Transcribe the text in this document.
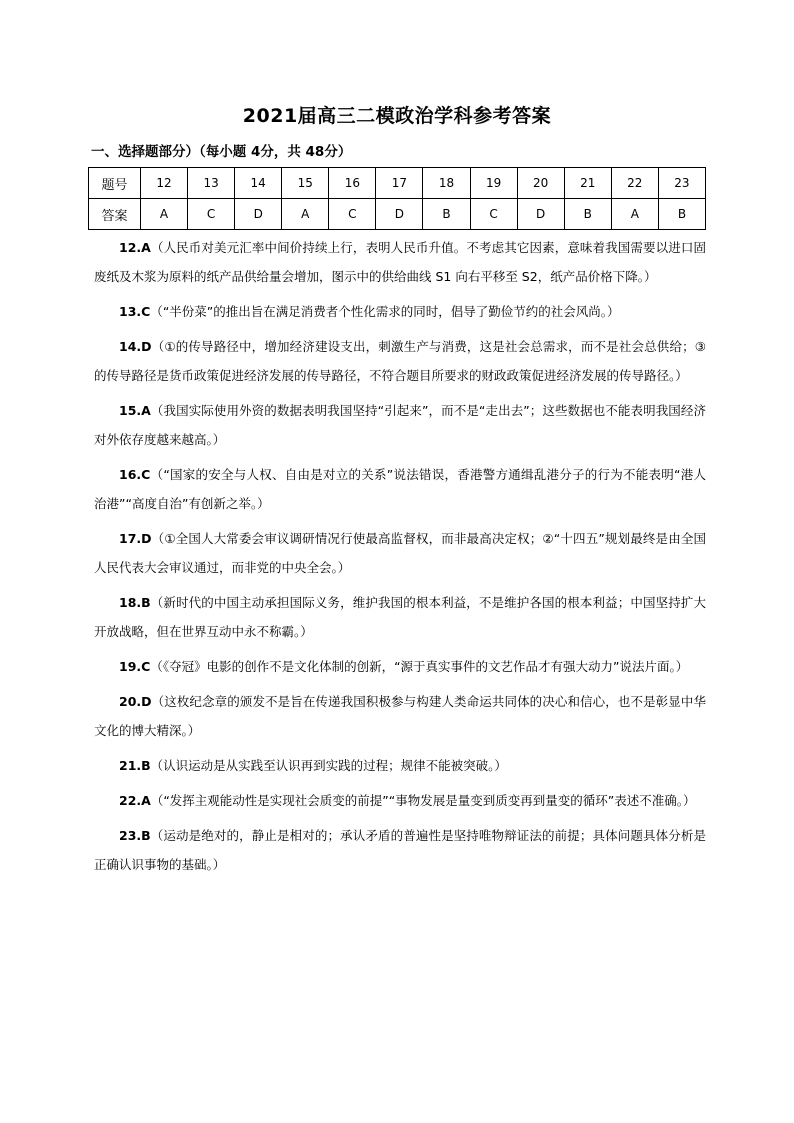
2021届高三二模政治学科参考答案
一、选择题部分）（每小题 4分，共 48分）
题号	12	13	14	15	16	17	18	19	20	21	22	23
答案	A	C	D	A	C	D	B	C	D	B	A	B

12.A（人民币对美元汇率中间价持续上行，表明人民币升值。不考虑其它因素，意味着我国需要以进口固废纸及木浆为原料的纸产品供给量会增加，图示中的供给曲线 S1 向右平移至 S2，纸产品价格下降。）

13.C（“半份菜”的推出旨在满足消费者个性化需求的同时，倡导了勤俭节约的社会风尚。）

14.D（①的传导路径中，增加经济建设支出，刺激生产与消费，这是社会总需求，而不是社会总供给；③的传导路径是货币政策促进经济发展的传导路径，不符合题目所要求的财政政策促进经济发展的传导路径。）

15.A（我国实际使用外资的数据表明我国坚持“引起来”，而不是“走出去”；这些数据也不能表明我国经济对外依存度越来越高。）

16.C（“国家的安全与人权、自由是对立的关系”说法错误，香港警方通缉乱港分子的行为不能表明“港人治港”“高度自治”有创新之举。）

17.D（①全国人大常委会审议调研情况行使最高监督权，而非最高决定权；②“十四五”规划最终是由全国人民代表大会审议通过，而非党的中央全会。）

18.B（新时代的中国主动承担国际义务，维护我国的根本利益，不是维护各国的根本利益；中国坚持扩大开放战略，但在世界互动中永不称霸。）

19.C（《夺冠》电影的创作不是文化体制的创新，“源于真实事件的文艺作品才有强大动力”说法片面。）

20.D（这枚纪念章的颁发不是旨在传递我国积极参与构建人类命运共同体的决心和信心，也不是彰显中华文化的博大精深。）

21.B（认识运动是从实践至认识再到实践的过程；规律不能被突破。）

22.A（“发挥主观能动性是实现社会质变的前提”“事物发展是量变到质变再到量变的循环”表述不准确。）

23.B（运动是绝对的，静止是相对的；承认矛盾的普遍性是坚持唯物辩证法的前提；具体问题具体分析是正确认识事物的基础。）
